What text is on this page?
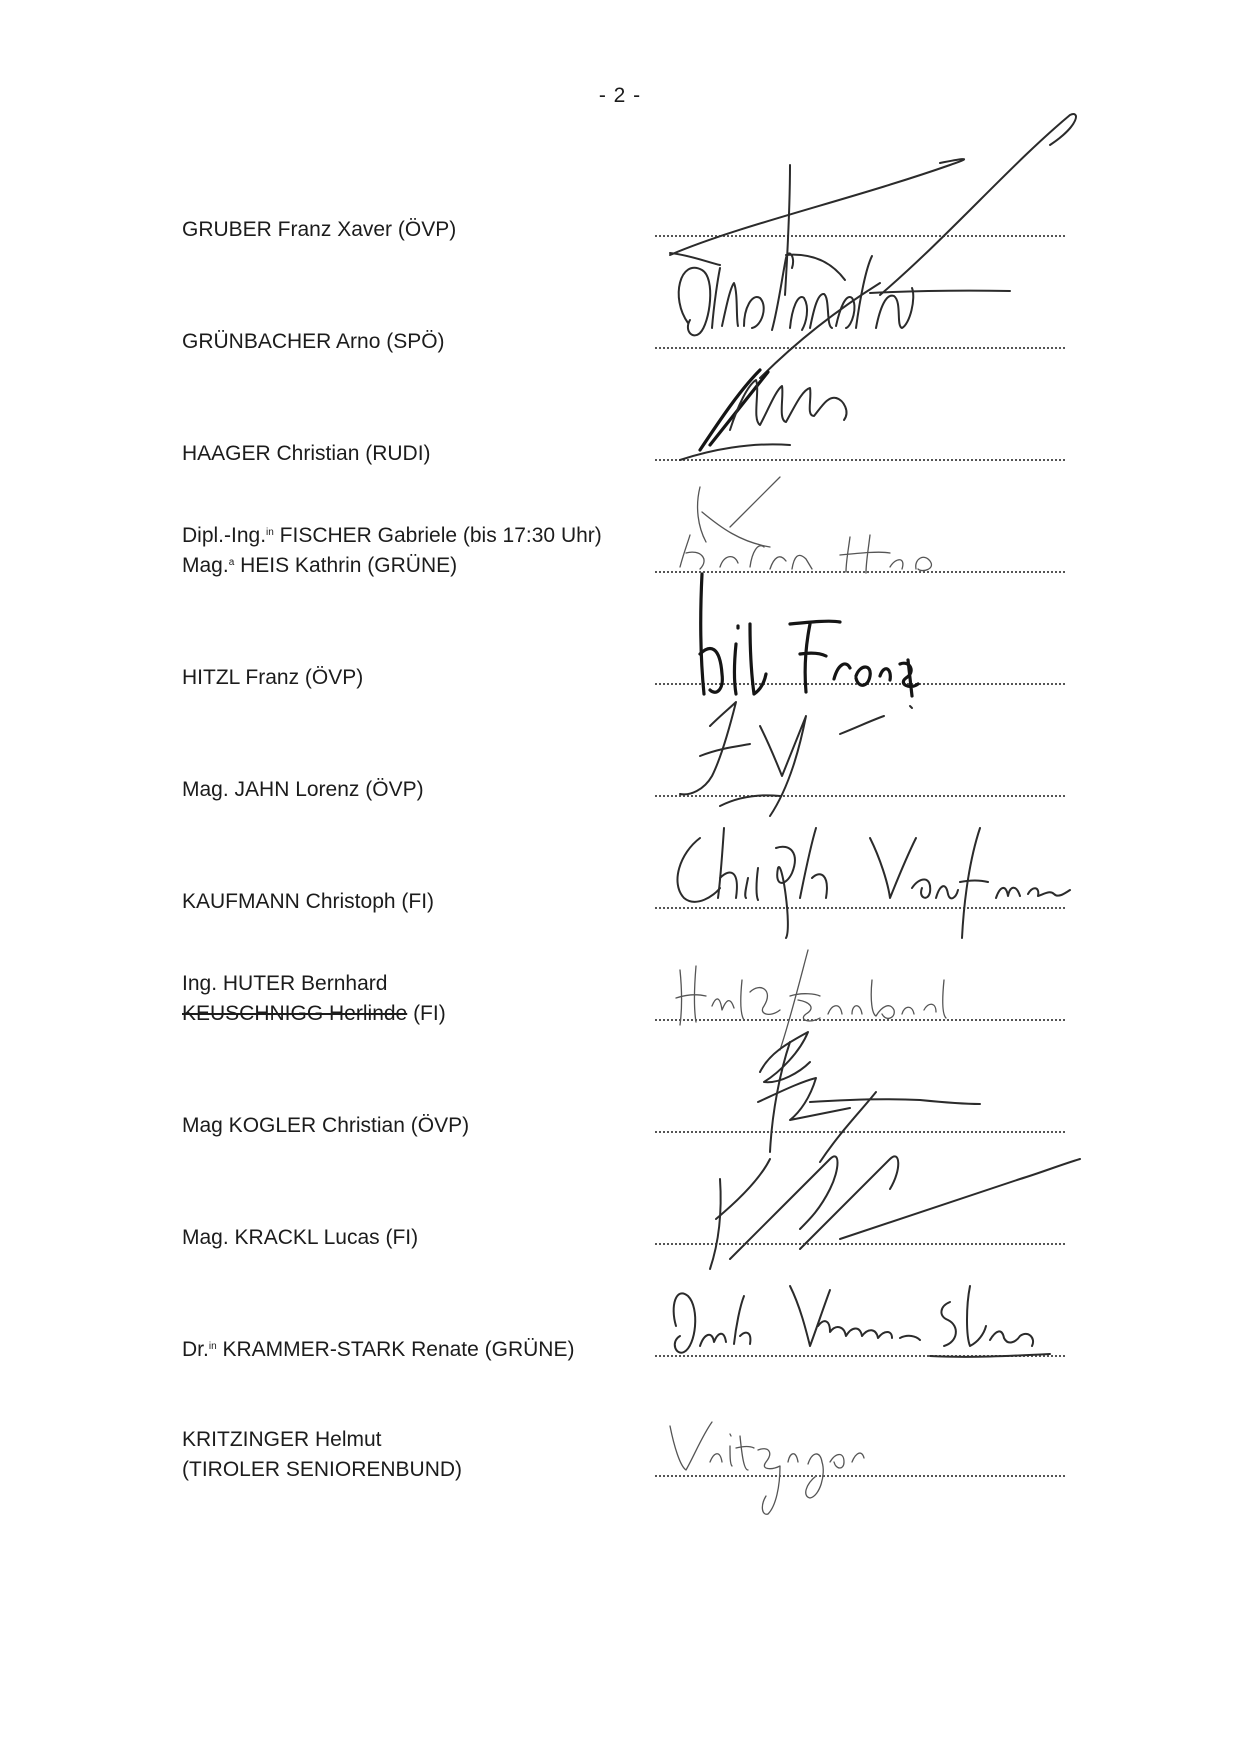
- 2 -
GRUBER Franz Xaver (ÖVP)
GRÜNBACHER Arno (SPÖ)
HAAGER Christian (RUDI)
Dipl.-Ing.$^{in}$ FISCHER Gabriele (bis 17:30 Uhr)
Mag.$^a$ HEIS Kathrin (GRÜNE)
HITZL Franz (ÖVP)
Mag. JAHN Lorenz (ÖVP)
KAUFMANN Christoph (FI)
Ing. HUTER Bernhard
KEUSCHNIGG Herlinde (FI)
Mag KOGLER Christian (ÖVP)
Mag. KRACKL Lucas (FI)
Dr.$^{in}$ KRAMMER-STARK Renate (GRÜNE)
KRITZINGER Helmut
(TIROLER SENIORENBUND)
